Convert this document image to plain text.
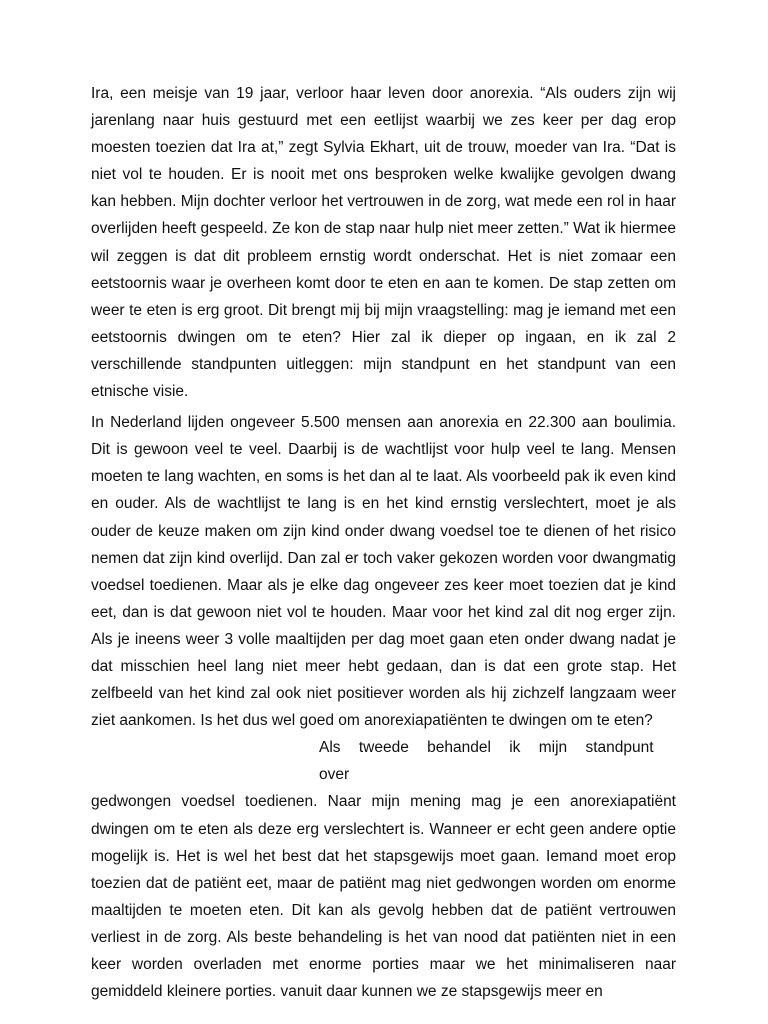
Ira, een meisje van 19 jaar, verloor haar leven door anorexia. “Als ouders zijn wij jarenlang naar huis gestuurd met een eetlijst waarbij we zes keer per dag erop moesten toezien dat Ira at,” zegt Sylvia Ekhart, uit de trouw, moeder van Ira. “Dat is niet vol te houden. Er is nooit met ons besproken welke kwalijke gevolgen dwang kan hebben. Mijn dochter verloor het vertrouwen in de zorg, wat mede een rol in haar overlijden heeft gespeeld. Ze kon de stap naar hulp niet meer zetten.” Wat ik hiermee wil zeggen is dat dit probleem ernstig wordt onderschat. Het is niet zomaar een eetstoornis waar je overheen komt door te eten en aan te komen. De stap zetten om weer te eten is erg groot. Dit brengt mij bij mijn vraagstelling: mag je iemand met een eetstoornis dwingen om te eten? Hier zal ik dieper op ingaan, en ik zal 2 verschillende standpunten uitleggen: mijn standpunt en het standpunt van een etnische visie.

In Nederland lijden ongeveer 5.500 mensen aan anorexia en 22.300 aan boulimia. Dit is gewoon veel te veel. Daarbij is de wachtlijst voor hulp veel te lang. Mensen moeten te lang wachten, en soms is het dan al te laat. Als voorbeeld pak ik even kind en ouder. Als de wachtlijst te lang is en het kind ernstig verslechtert, moet je als ouder de keuze maken om zijn kind onder dwang voedsel toe te dienen of het risico nemen dat zijn kind overlijd. Dan zal er toch vaker gekozen worden voor dwangmatig voedsel toedienen. Maar als je elke dag ongeveer zes keer moet toezien dat je kind eet, dan is dat gewoon niet vol te houden. Maar voor het kind zal dit nog erger zijn. Als je ineens weer 3 volle maaltijden per dag moet gaan eten onder dwang nadat je dat misschien heel lang niet meer hebt gedaan, dan is dat een grote stap. Het zelfbeeld van het kind zal ook niet positiever worden als hij zichzelf langzaam weer ziet aankomen. Is het dus wel goed om anorexiapatiënten te dwingen om te eten?
Als tweede behandel ik mijn standpunt over
gedwongen voedsel toedienen. Naar mijn mening mag je een anorexiapatiënt dwingen om te eten als deze erg verslechtert is. Wanneer er echt geen andere optie mogelijk is. Het is wel het best dat het stapsgewijs moet gaan. Iemand moet erop toezien dat de patiënt eet, maar de patiënt mag niet gedwongen worden om enorme maaltijden te moeten eten. Dit kan als gevolg hebben dat de patiënt vertrouwen verliest in de zorg. Als beste behandeling is het van nood dat patiënten niet in een keer worden overladen met enorme porties maar we het minimaliseren naar gemiddeld kleinere porties. vanuit daar kunnen we ze stapsgewijs meer en
